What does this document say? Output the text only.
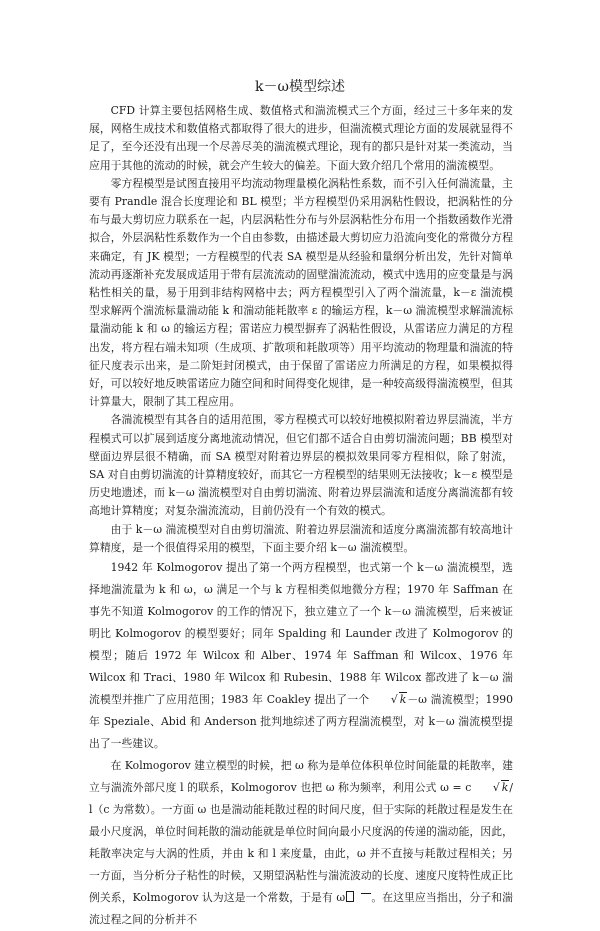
k－ω模型综述

CFD 计算主要包括网格生成、数值格式和湍流模式三个方面，经过三十多年来的发展，网格生成技术和数值格式都取得了很大的进步，但湍流模式理论方面的发展就显得不足了，至今还没有出现一个尽善尽美的湍流模式理论，现有的都只是针对某一类流动，当应用于其他的流动的时候，就会产生较大的偏差。下面大致介绍几个常用的湍流模型。

零方程模型是试图直接用平均流动物理量模化涡粘性系数，而不引入任何湍流量，主要有 Prandle 混合长度理论和 BL 模型；半方程模型仍采用涡粘性假设，把涡粘性的分布与最大剪切应力联系在一起，内层涡粘性分布与外层涡粘性分布用一个指数函数作光滑拟合，外层涡粘性系数作为一个自由参数，由描述最大剪切应力沿流向变化的常微分方程来确定，有 JK 模型；一方程模型的代表 SA 模型是从经验和量纲分析出发，先针对简单流动再逐渐补充发展成适用于带有层流流动的固壁湍流流动，模式中选用的应变量是与涡粘性相关的量，易于用到非结构网格中去；两方程模型引入了两个湍流量，k－ε 湍流模型求解两个湍流标量湍动能 k 和湍动能耗散率 ε 的输运方程，k－ω 湍流模型求解湍流标量湍动能 k 和 ω 的输运方程；雷诺应力模型摒弃了涡粘性假设，从雷诺应力满足的方程出发，将方程右端未知项（生成项、扩散项和耗散项等）用平均流动的物理量和湍流的特征尺度表示出来，是二阶矩封闭模式，由于保留了雷诺应力所满足的方程，如果模拟得好，可以较好地反映雷诺应力随空间和时间得变化规律，是一种较高级得湍流模型，但其计算量大，限制了其工程应用。

各湍流模型有其各自的适用范围，零方程模式可以较好地模拟附着边界层湍流，半方程模式可以扩展到适度分离地流动情况，但它们都不适合自由剪切湍流问题；BB 模型对壁面边界层很不精确，而 SA 模型对附着边界层的模拟效果同零方程相似，除了射流，SA 对自由剪切湍流的计算精度较好，而其它一方程模型的结果则无法接收；k－ε 模型是历史地遗述，而 k－ω 湍流模型对自由剪切湍流、附着边界层湍流和适度分离湍流都有较高地计算精度；对复杂湍流流动，目前仍没有一个有效的模式。

由于 k－ω 湍流模型对自由剪切湍流、附着边界层湍流和适度分离湍流都有较高地计算精度，是一个很值得采用的模型，下面主要介绍 k－ω 湍流模型。

1942 年 Kolmogorov 提出了第一个两方程模型，也式第一个 k－ω 湍流模型，选择地湍流量为 k 和 ω，ω 满足一个与 k 方程相类似地微分方程；1970 年 Saffman 在事先不知道 Kolmogorov 的工作的情况下，独立建立了一个 k－ω 湍流模型，后来被证明比 Kolmogorov 的模型要好；同年 Spalding 和 Launder 改进了 Kolmogorov 的模型；随后 1972 年 Wilcox 和 Alber、1974 年 Saffman 和 Wilcox、1976 年 Wilcox 和 Traci、1980 年 Wilcox 和 Rubesin、1988 年 Wilcox 都改进了 k－ω 湍流模型并推广了应用范围；1983 年 Coakley 提出了一个 √ k－ω 湍流模型；1990 年 Speziale、Abid 和 Anderson 批判地综述了两方程湍流模型，对 k－ω 湍流模型提出了一些建议。

在 Kolmogorov 建立模型的时候，把 ω 称为是单位体积单位时间能量的耗散率，建立与湍流外部尺度 l 的联系，Kolmogorov 也把 ω 称为频率，利用公式 ω = c √ k/ l（c 为常数）。一方面 ω 也是湍动能耗散过程的时间尺度，但于实际的耗散过程是发生在最小尺度涡，单位时间耗散的湍动能就是单位时间向最小尺度涡的传递的湍动能，因此，耗散率决定与大涡的性质，并由 k 和 l 来度量，由此，ω 并不直接与耗散过程相关；另一方面，当分析分子粘性的时候，又期望涡粘性与湍流波动的长度、速度尺度特性成正比例关系，Kolmogorov 认为这是一个常数，于是有 ω 。在这里应当指出，分子和湍流过程之间的分析并不
